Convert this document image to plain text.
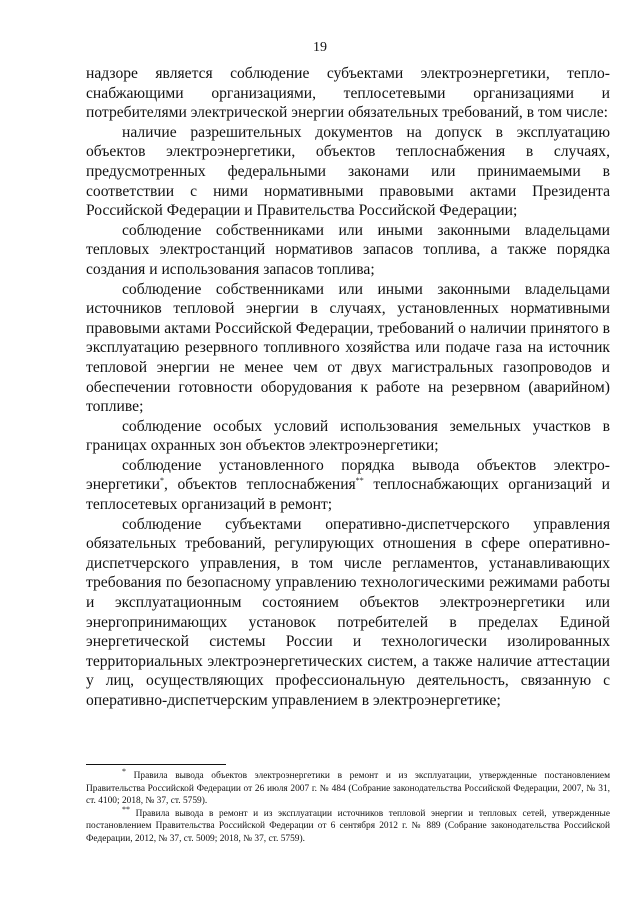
19

надзоре является соблюдение субъектами электроэнергетики, теплоснабжающими организациями, теплосетевыми организациями и потребителями электрической энергии обязательных требований, в том числе:

наличие разрешительных документов на допуск в эксплуатацию объектов электроэнергетики, объектов теплоснабжения в случаях, предусмотренных федеральными законами или принимаемыми в соответствии с ними нормативными правовыми актами Президента Российской Федерации и Правительства Российской Федерации;

соблюдение собственниками или иными законными владельцами тепловых электростанций нормативов запасов топлива, а также порядка создания и использования запасов топлива;

соблюдение собственниками или иными законными владельцами источников тепловой энергии в случаях, установленных нормативными правовыми актами Российской Федерации, требований о наличии принятого в эксплуатацию резервного топливного хозяйства или подаче газа на источник тепловой энергии не менее чем от двух магистральных газопроводов и обеспечении готовности оборудования к работе на резервном (аварийном) топливе;

соблюдение особых условий использования земельных участков в границах охранных зон объектов электроэнергетики;

соблюдение установленного порядка вывода объектов электроэнергетики*, объектов теплоснабжения** теплоснабжающих организаций и теплосетевых организаций в ремонт;

соблюдение субъектами оперативно-диспетчерского управления обязательных требований, регулирующих отношения в сфере оперативно-диспетчерского управления, в том числе регламентов, устанавливающих требования по безопасному управлению технологическими режимами работы и эксплуатационным состоянием объектов электроэнергетики или энергопринимающих установок потребителей в пределах Единой энергетической системы России и технологически изолированных территориальных электроэнергетических систем, а также наличие аттестации у лиц, осуществляющих профессиональную деятельность, связанную с оперативно-диспетчерским управлением в электроэнергетике;

* Правила вывода объектов электроэнергетики в ремонт и из эксплуатации, утвержденные постановлением Правительства Российской Федерации от 26 июля 2007 г. № 484 (Собрание законодательства Российской Федерации, 2007, № 31, ст. 4100; 2018, № 37, ст. 5759).

** Правила вывода в ремонт и из эксплуатации источников тепловой энергии и тепловых сетей, утвержденные постановлением Правительства Российской Федерации от 6 сентября 2012 г. № 889 (Собрание законодательства Российской Федерации, 2012, № 37, ст. 5009; 2018, № 37, ст. 5759).
